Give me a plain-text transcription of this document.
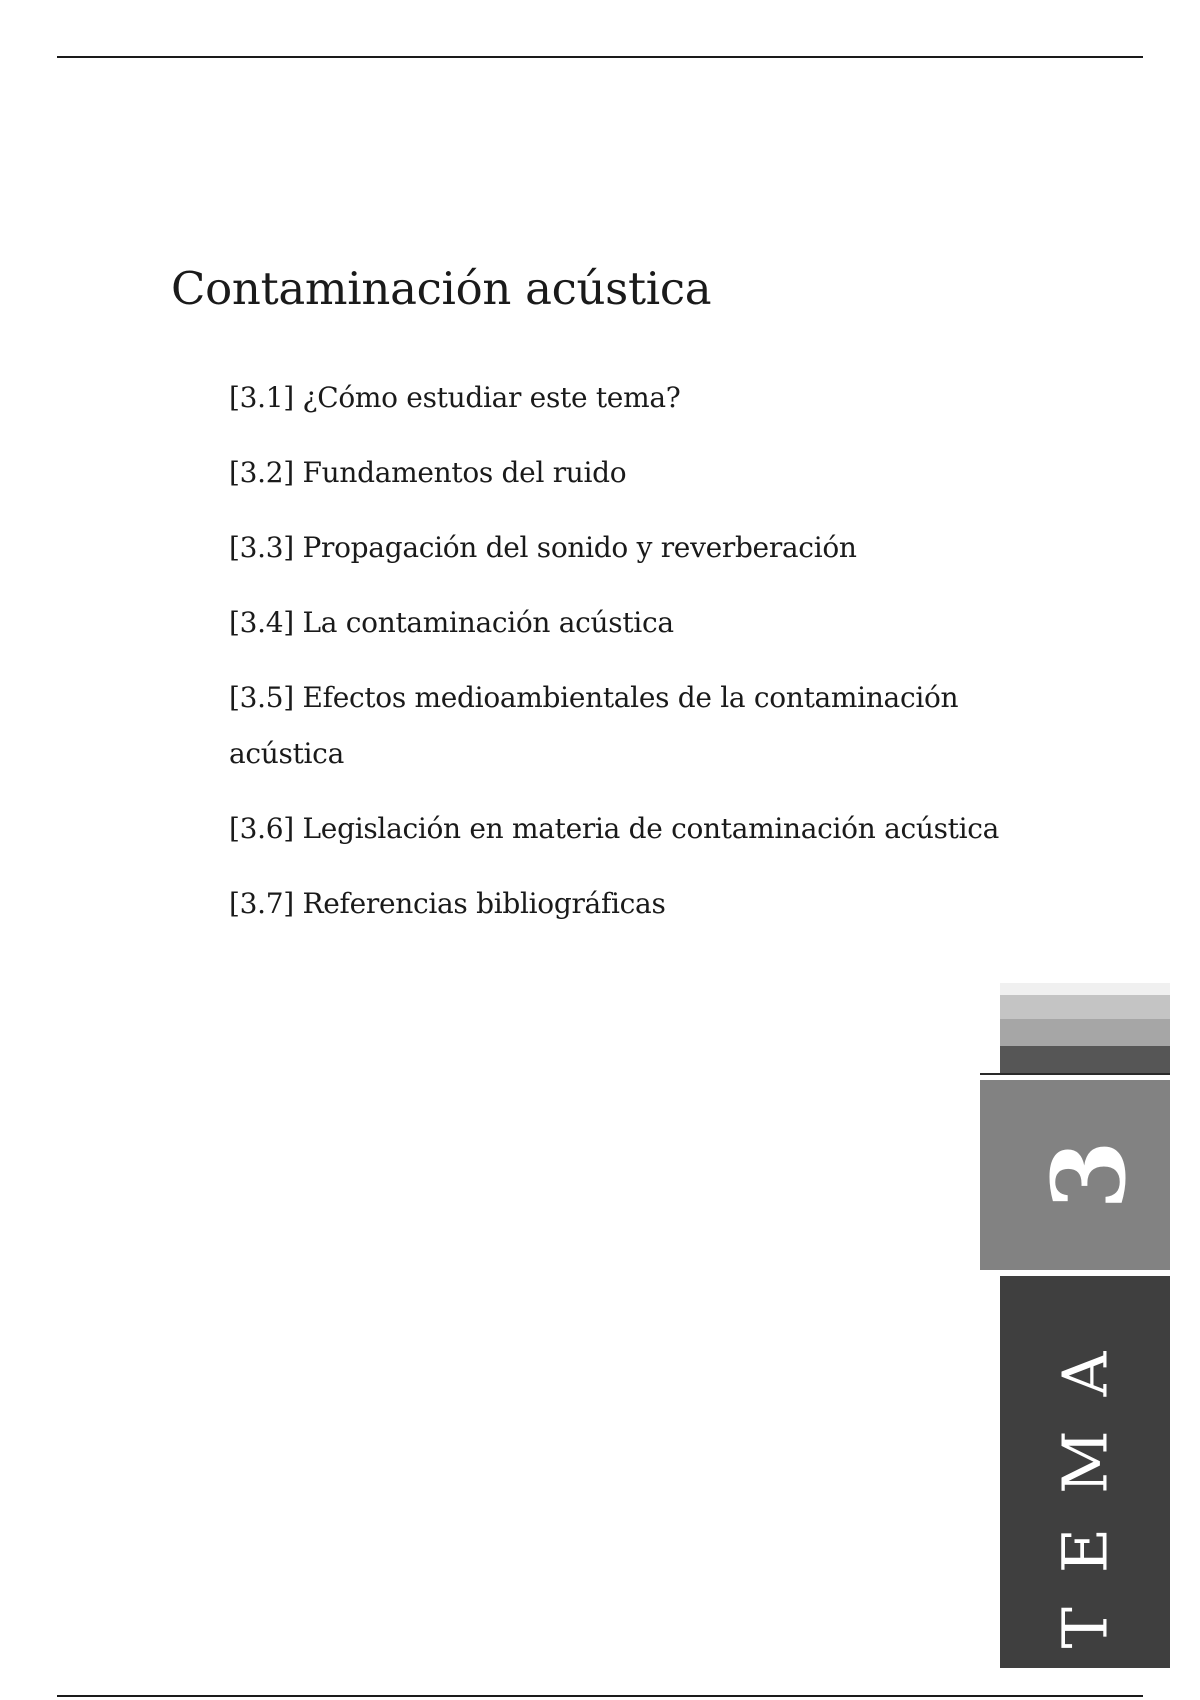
Contaminación acústica
[3.1] ¿Cómo estudiar este tema?
[3.2] Fundamentos del ruido
[3.3] Propagación del sonido y reverberación
[3.4] La contaminación acústica
[3.5] Efectos medioambientales de la contaminación acústica
[3.6] Legislación en materia de contaminación acústica
[3.7] Referencias bibliográficas
3
TEMA
